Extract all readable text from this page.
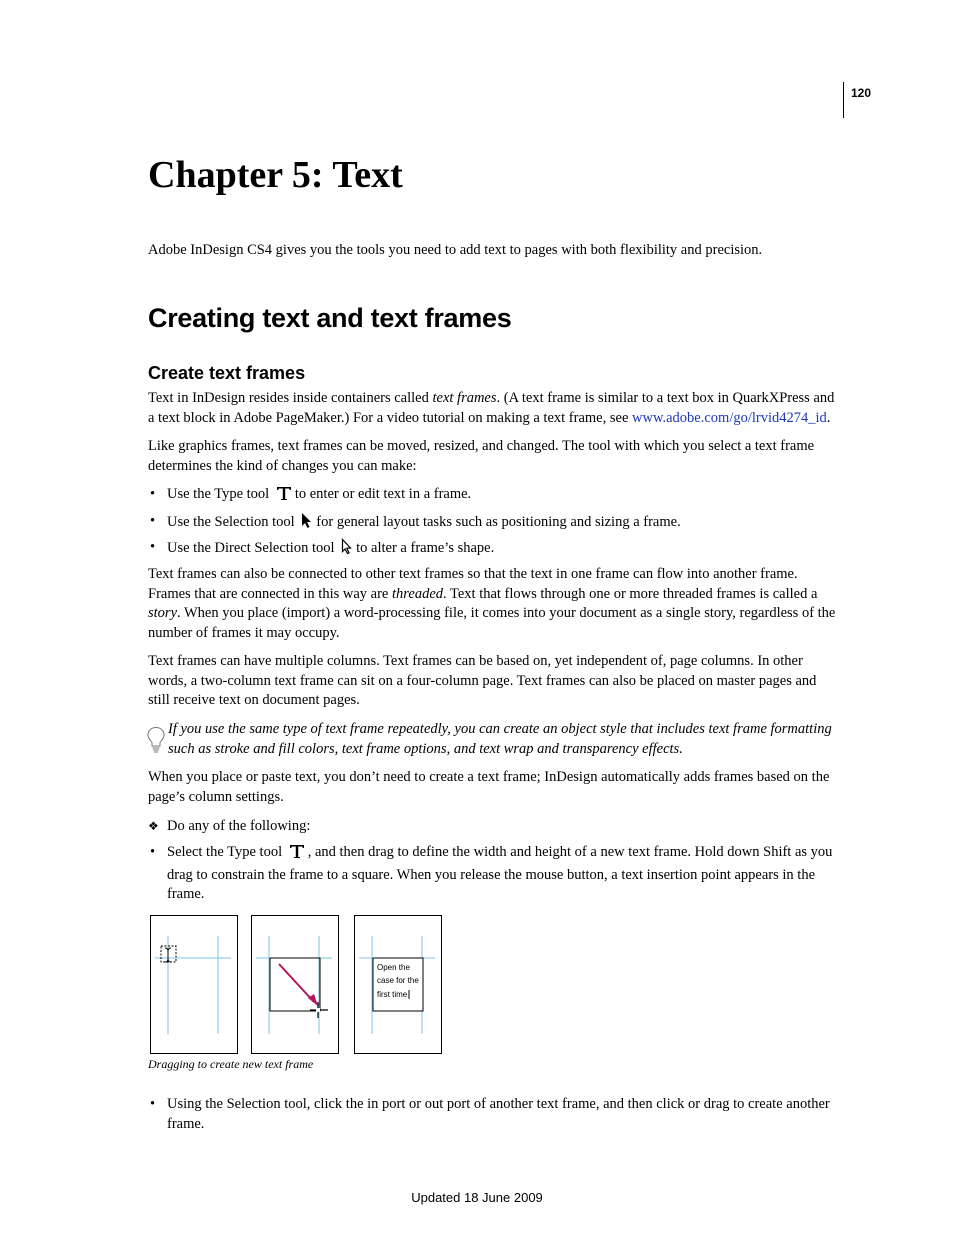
120
Chapter 5: Text
Adobe InDesign CS4 gives you the tools you need to add text to pages with both flexibility and precision.
Creating text and text frames
Create text frames

Text in InDesign resides inside containers called text frames. (A text frame is similar to a text box in QuarkXPress and a text block in Adobe PageMaker.) For a video tutorial on making a text frame, see www.adobe.com/go/lrvid4274_id.

Like graphics frames, text frames can be moved, resized, and changed. The tool with which you select a text frame determines the kind of changes you can make:

• Use the Type tool to enter or edit text in a frame.
• Use the Selection tool for general layout tasks such as positioning and sizing a frame.
• Use the Direct Selection tool to alter a frame’s shape.

Text frames can also be connected to other text frames so that the text in one frame can flow into another frame. Frames that are connected in this way are threaded. Text that flows through one or more threaded frames is called a story. When you place (import) a word-processing file, it comes into your document as a single story, regardless of the number of frames it may occupy.

Text frames can have multiple columns. Text frames can be based on, yet independent of, page columns. In other words, a two-column text frame can sit on a four-column page. Text frames can also be placed on master pages and still receive text on document pages.

If you use the same type of text frame repeatedly, you can create an object style that includes text frame formatting such as stroke and fill colors, text frame options, and text wrap and transparency effects.

When you place or paste text, you don’t need to create a text frame; InDesign automatically adds frames based on the page’s column settings.

❖ Do any of the following:
• Select the Type tool , and then drag to define the width and height of a new text frame. Hold down Shift as you drag to constrain the frame to a square. When you release the mouse button, a text insertion point appears in the frame.
Open the
case for the
first time
Dragging to create new text frame
• Using the Selection tool, click the in port or out port of another text frame, and then click or drag to create another frame.
Updated 18 June 2009
